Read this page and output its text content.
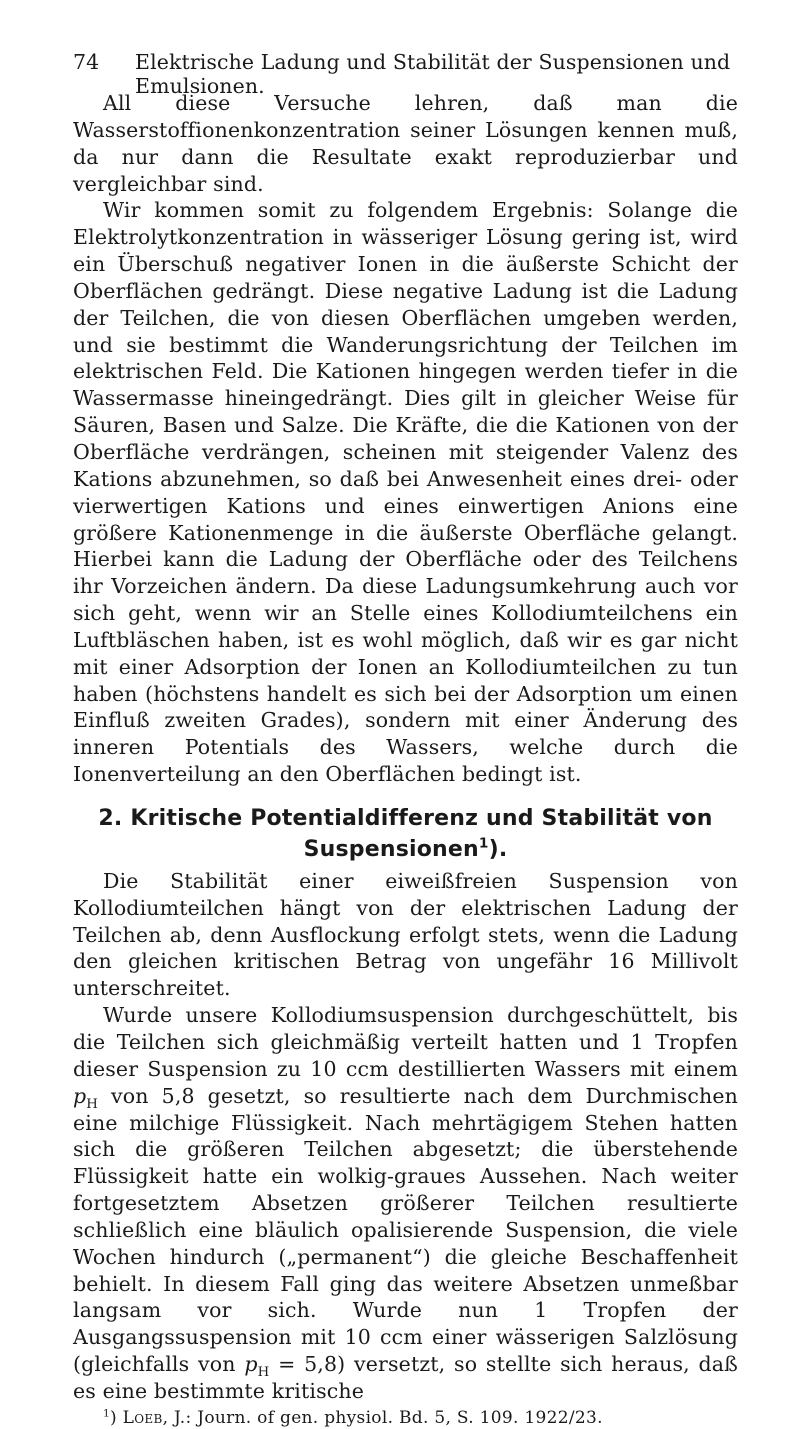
74	Elektrische Ladung und Stabilität der Suspensionen und Emulsionen.

All diese Versuche lehren, daß man die Wasserstoffionenkonzentration seiner Lösungen kennen muß, da nur dann die Resultate exakt reproduzierbar und vergleichbar sind.

Wir kommen somit zu folgendem Ergebnis: Solange die Elektrolytkonzentration in wässeriger Lösung gering ist, wird ein Überschuß negativer Ionen in die äußerste Schicht der Oberflächen gedrängt. Diese negative Ladung ist die Ladung der Teilchen, die von diesen Oberflächen umgeben werden, und sie bestimmt die Wanderungsrichtung der Teilchen im elektrischen Feld. Die Kationen hingegen werden tiefer in die Wassermasse hineingedrängt. Dies gilt in gleicher Weise für Säuren, Basen und Salze. Die Kräfte, die die Kationen von der Oberfläche verdrängen, scheinen mit steigender Valenz des Kations abzunehmen, so daß bei Anwesenheit eines drei- oder vierwertigen Kations und eines einwertigen Anions eine größere Kationenmenge in die äußerste Oberfläche gelangt. Hierbei kann die Ladung der Oberfläche oder des Teilchens ihr Vorzeichen ändern. Da diese Ladungsumkehrung auch vor sich geht, wenn wir an Stelle eines Kollodiumteilchens ein Luftbläschen haben, ist es wohl möglich, daß wir es gar nicht mit einer Adsorption der Ionen an Kollodiumteilchen zu tun haben (höchstens handelt es sich bei der Adsorption um einen Einfluß zweiten Grades), sondern mit einer Änderung des inneren Potentials des Wassers, welche durch die Ionenverteilung an den Oberflächen bedingt ist.

2. Kritische Potentialdifferenz und Stabilität von Suspensionen$^1$).

Die Stabilität einer eiweißfreien Suspension von Kollodiumteilchen hängt von der elektrischen Ladung der Teilchen ab, denn Ausflockung erfolgt stets, wenn die Ladung den gleichen kritischen Betrag von ungefähr 16 Millivolt unterschreitet.

Wurde unsere Kollodiumsuspension durchgeschüttelt, bis die Teilchen sich gleichmäßig verteilt hatten und 1 Tropfen dieser Suspension zu 10 ccm destillierten Wassers mit einem $p_H$ von 5,8 gesetzt, so resultierte nach dem Durchmischen eine milchige Flüssigkeit. Nach mehrtägigem Stehen hatten sich die größeren Teilchen abgesetzt; die überstehende Flüssigkeit hatte ein wolkig-graues Aussehen. Nach weiter fortgesetztem Absetzen größerer Teilchen resultierte schließlich eine bläulich opalisierende Suspension, die viele Wochen hindurch („permanent“) die gleiche Beschaffenheit behielt. In diesem Fall ging das weitere Absetzen unmeßbar langsam vor sich. Wurde nun 1 Tropfen der Ausgangssuspension mit 10 ccm einer wässerigen Salzlösung (gleichfalls von $p_H = 5,8$) versetzt, so stellte sich heraus, daß es eine bestimmte kritische

$^1$) Loeb, J.: Journ. of gen. physiol. Bd. 5, S. 109. 1922/23.
